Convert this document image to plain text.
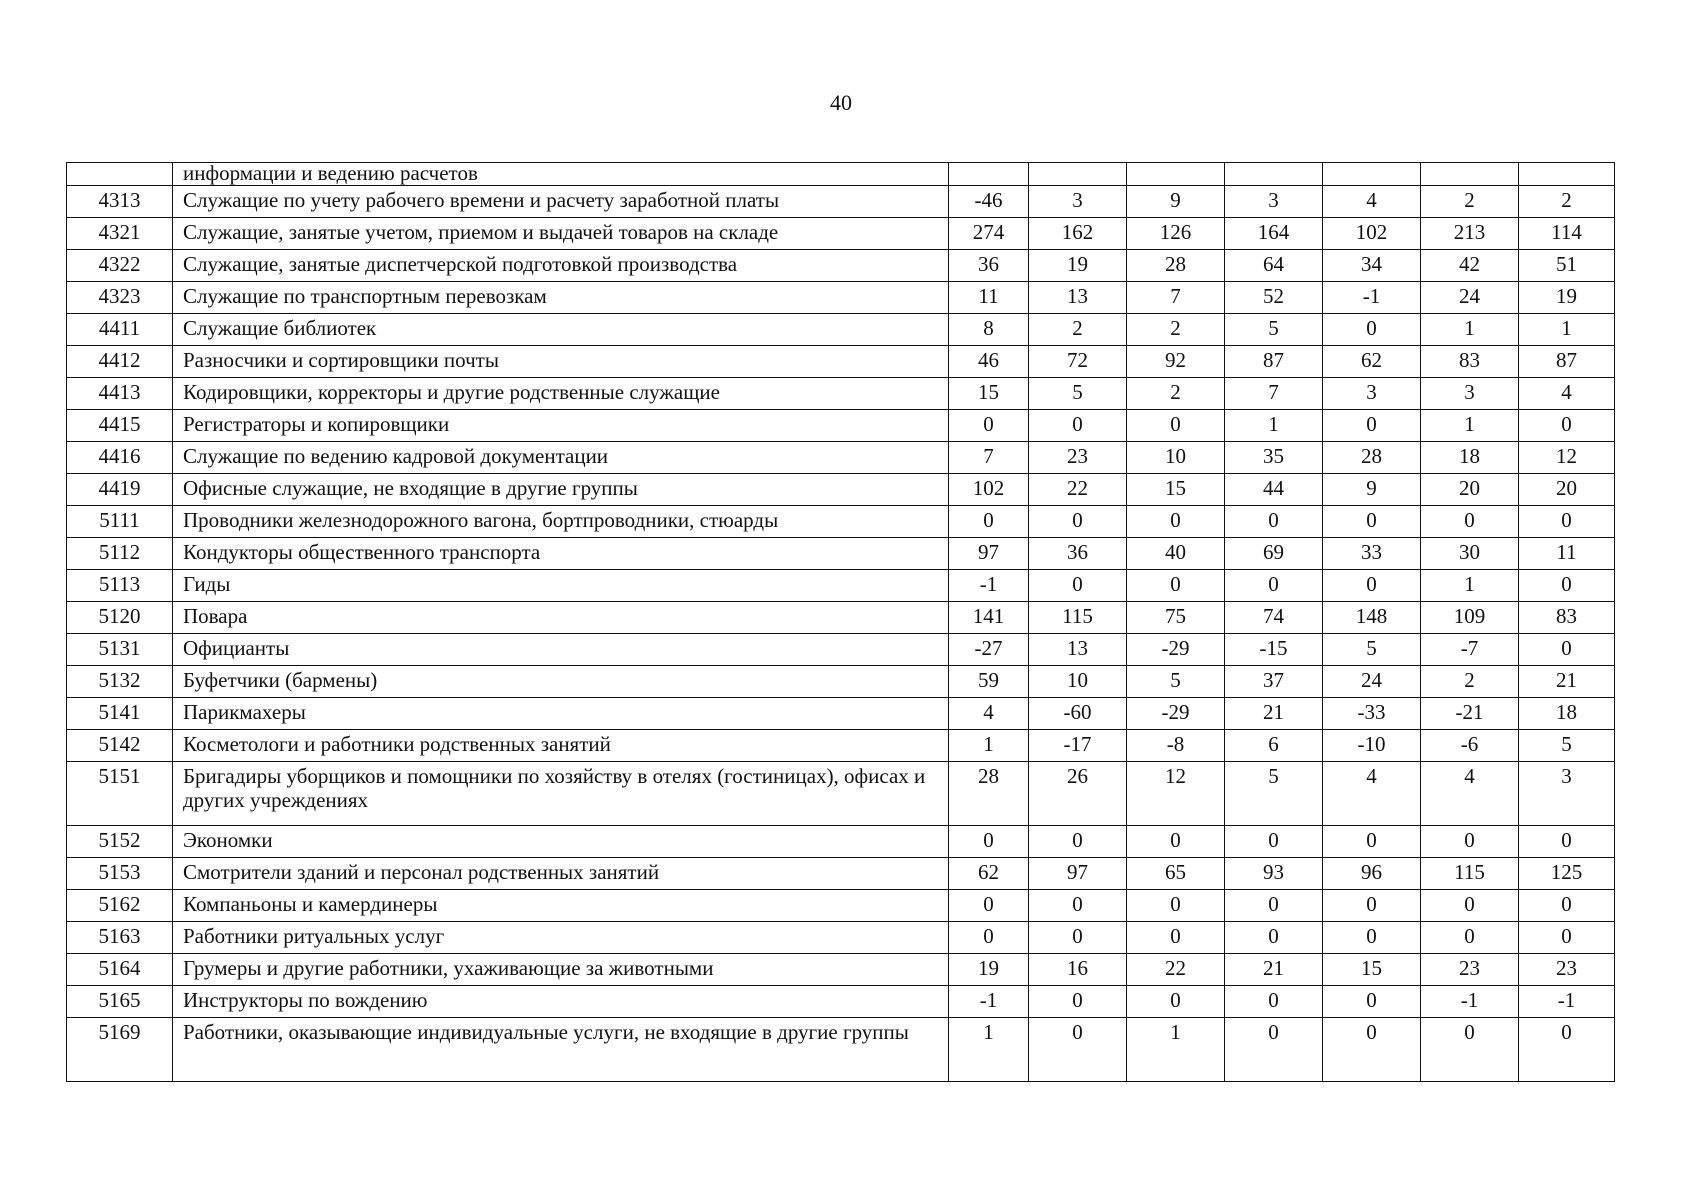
40
	информации и ведению расчетов							
4313	Служащие по учету рабочего времени и расчету заработной платы	-46	3	9	3	4	2	2
4321	Служащие, занятые учетом, приемом и выдачей товаров на складе	274	162	126	164	102	213	114
4322	Служащие, занятые диспетчерской подготовкой производства	36	19	28	64	34	42	51
4323	Служащие по транспортным перевозкам	11	13	7	52	-1	24	19
4411	Служащие библиотек	8	2	2	5	0	1	1
4412	Разносчики и сортировщики почты	46	72	92	87	62	83	87
4413	Кодировщики, корректоры и другие родственные служащие	15	5	2	7	3	3	4
4415	Регистраторы и копировщики	0	0	0	1	0	1	0
4416	Служащие по ведению кадровой документации	7	23	10	35	28	18	12
4419	Офисные служащие, не входящие в другие группы	102	22	15	44	9	20	20
5111	Проводники железнодорожного вагона, бортпроводники, стюарды	0	0	0	0	0	0	0
5112	Кондукторы общественного транспорта	97	36	40	69	33	30	11
5113	Гиды	-1	0	0	0	0	1	0
5120	Повара	141	115	75	74	148	109	83
5131	Официанты	-27	13	-29	-15	5	-7	0
5132	Буфетчики (бармены)	59	10	5	37	24	2	21
5141	Парикмахеры	4	-60	-29	21	-33	-21	18
5142	Косметологи и работники родственных занятий	1	-17	-8	6	-10	-6	5
5151	Бригадиры уборщиков и помощники по хозяйству в отелях (гостиницах), офисах и других учреждениях	28	26	12	5	4	4	3
5152	Экономки	0	0	0	0	0	0	0
5153	Смотрители зданий и персонал родственных занятий	62	97	65	93	96	115	125
5162	Компаньоны и камердинеры	0	0	0	0	0	0	0
5163	Работники ритуальных услуг	0	0	0	0	0	0	0
5164	Грумеры и другие работники, ухаживающие за животными	19	16	22	21	15	23	23
5165	Инструкторы по вождению	-1	0	0	0	0	-1	-1
5169	Работники, оказывающие индивидуальные услуги, не входящие в другие группы	1	0	1	0	0	0	0
